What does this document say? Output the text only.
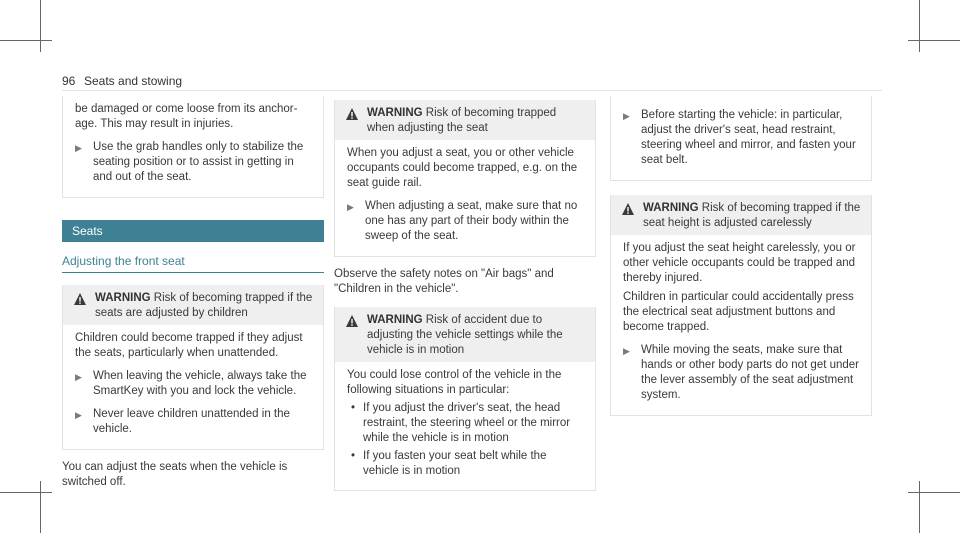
96 Seats and stowing

be damaged or come loose from its anchor-age. This may result in injuries.

▶ Use the grab handles only to stabilize the seating position or to assist in getting in and out of the seat.
Seats
Adjusting the front seat
WARNING Risk of becoming trapped if the seats are adjusted by children

Children could become trapped if they adjust the seats, particularly when unattended.

▶ When leaving the vehicle, always take the SmartKey with you and lock the vehicle.
▶ Never leave children unattended in the vehicle.

You can adjust the seats when the vehicle is switched off.

WARNING Risk of becoming trapped when adjusting the seat

When you adjust a seat, you or other vehicle occupants could become trapped, e.g. on the seat guide rail.

▶ When adjusting a seat, make sure that no one has any part of their body within the sweep of the seat.

Observe the safety notes on "Air bags" and "Children in the vehicle".

WARNING Risk of accident due to adjusting the vehicle settings while the vehicle is in motion

You could lose control of the vehicle in the following situations in particular:

• If you adjust the driver's seat, the head restraint, the steering wheel or the mirror while the vehicle is in motion
• If you fasten your seat belt while the vehicle is in motion
▶ Before starting the vehicle: in particular, adjust the driver's seat, head restraint, steering wheel and mirror, and fasten your seat belt.
WARNING Risk of becoming trapped if the seat height is adjusted carelessly

If you adjust the seat height carelessly, you or other vehicle occupants could be trapped and thereby injured.

Children in particular could accidentally press the electrical seat adjustment buttons and become trapped.

▶ While moving the seats, make sure that hands or other body parts do not get under the lever assembly of the seat adjustment system.
